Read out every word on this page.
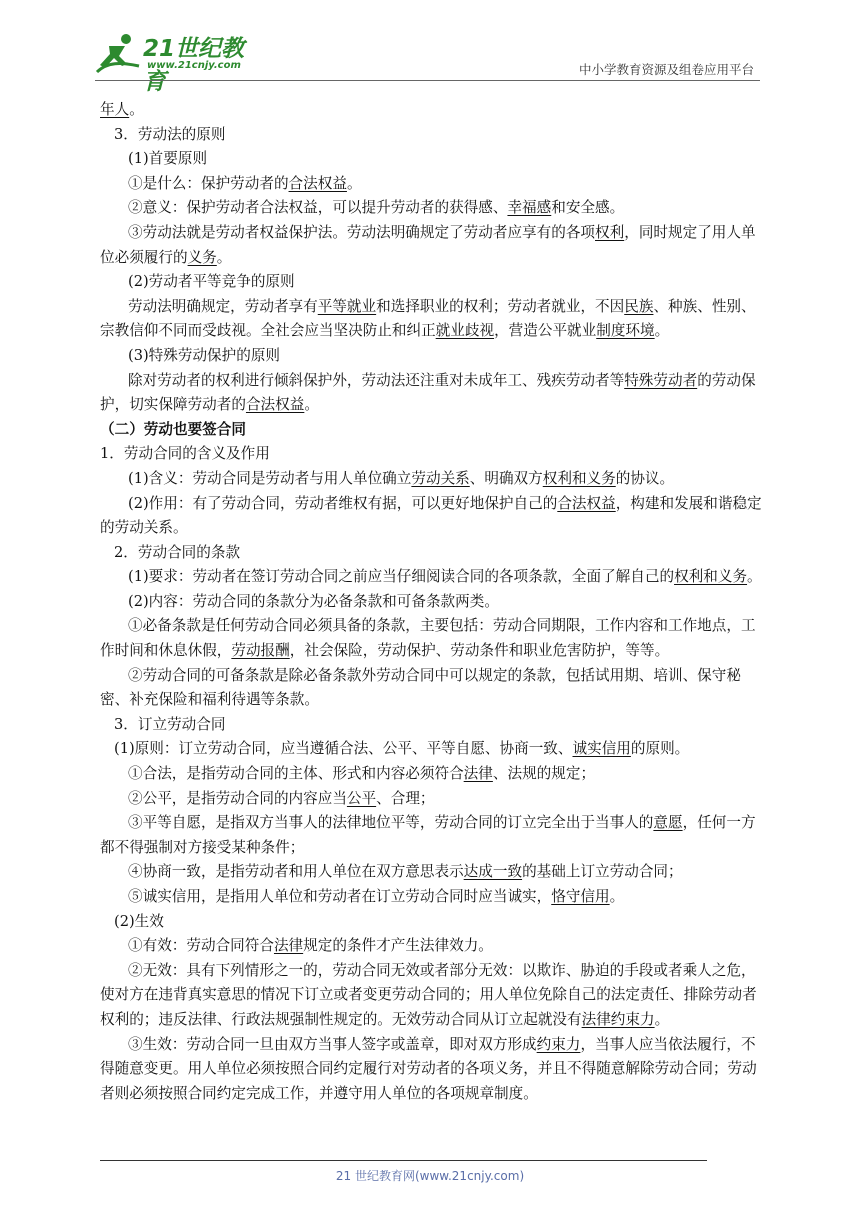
21世纪教育
www.21cnjy.com	中小学教育资源及组卷应用平台

年人。

3．劳动法的原则

(1)首要原则

①是什么：保护劳动者的合法权益。

②意义：保护劳动者合法权益，可以提升劳动者的获得感、幸福感和安全感。

③劳动法就是劳动者权益保护法。劳动法明确规定了劳动者应享有的各项权利，同时规定了用人单位必须履行的义务。

(2)劳动者平等竞争的原则

劳动法明确规定，劳动者享有平等就业和选择职业的权利；劳动者就业，不因民族、种族、性别、宗教信仰不同而受歧视。全社会应当坚决防止和纠正就业歧视，营造公平就业制度环境。

(3)特殊劳动保护的原则

除对劳动者的权利进行倾斜保护外，劳动法还注重对未成年工、残疾劳动者等特殊劳动者的劳动保护，切实保障劳动者的合法权益。

（二）劳动也要签合同

1．劳动合同的含义及作用

(1)含义：劳动合同是劳动者与用人单位确立劳动关系、明确双方权利和义务的协议。

(2)作用：有了劳动合同，劳动者维权有据，可以更好地保护自己的合法权益，构建和发展和谐稳定的劳动关系。

2．劳动合同的条款

(1)要求：劳动者在签订劳动合同之前应当仔细阅读合同的各项条款，全面了解自己的权利和义务。

(2)内容：劳动合同的条款分为必备条款和可备条款两类。

①必备条款是任何劳动合同必须具备的条款，主要包括：劳动合同期限，工作内容和工作地点，工作时间和休息休假，劳动报酬，社会保险，劳动保护、劳动条件和职业危害防护，等等。

②劳动合同的可备条款是除必备条款外劳动合同中可以规定的条款，包括试用期、培训、保守秘密、补充保险和福利待遇等条款。

3．订立劳动合同

(1)原则：订立劳动合同，应当遵循合法、公平、平等自愿、协商一致、诚实信用的原则。

①合法，是指劳动合同的主体、形式和内容必须符合法律、法规的规定；

②公平，是指劳动合同的内容应当公平、合理；

③平等自愿，是指双方当事人的法律地位平等，劳动合同的订立完全出于当事人的意愿，任何一方都不得强制对方接受某种条件；

④协商一致，是指劳动者和用人单位在双方意思表示达成一致的基础上订立劳动合同；

⑤诚实信用，是指用人单位和劳动者在订立劳动合同时应当诚实，恪守信用。

(2)生效

①有效：劳动合同符合法律规定的条件才产生法律效力。

②无效：具有下列情形之一的，劳动合同无效或者部分无效：以欺诈、胁迫的手段或者乘人之危，使对方在违背真实意思的情况下订立或者变更劳动合同的；用人单位免除自己的法定责任、排除劳动者权利的；违反法律、行政法规强制性规定的。无效劳动合同从订立起就没有法律约束力。

③生效：劳动合同一旦由双方当事人签字或盖章，即对双方形成约束力，当事人应当依法履行，不得随意变更。用人单位必须按照合同约定履行对劳动者的各项义务，并且不得随意解除劳动合同；劳动者则必须按照合同约定完成工作，并遵守用人单位的各项规章制度。

21 世纪教育网(www.21cnjy.com)
